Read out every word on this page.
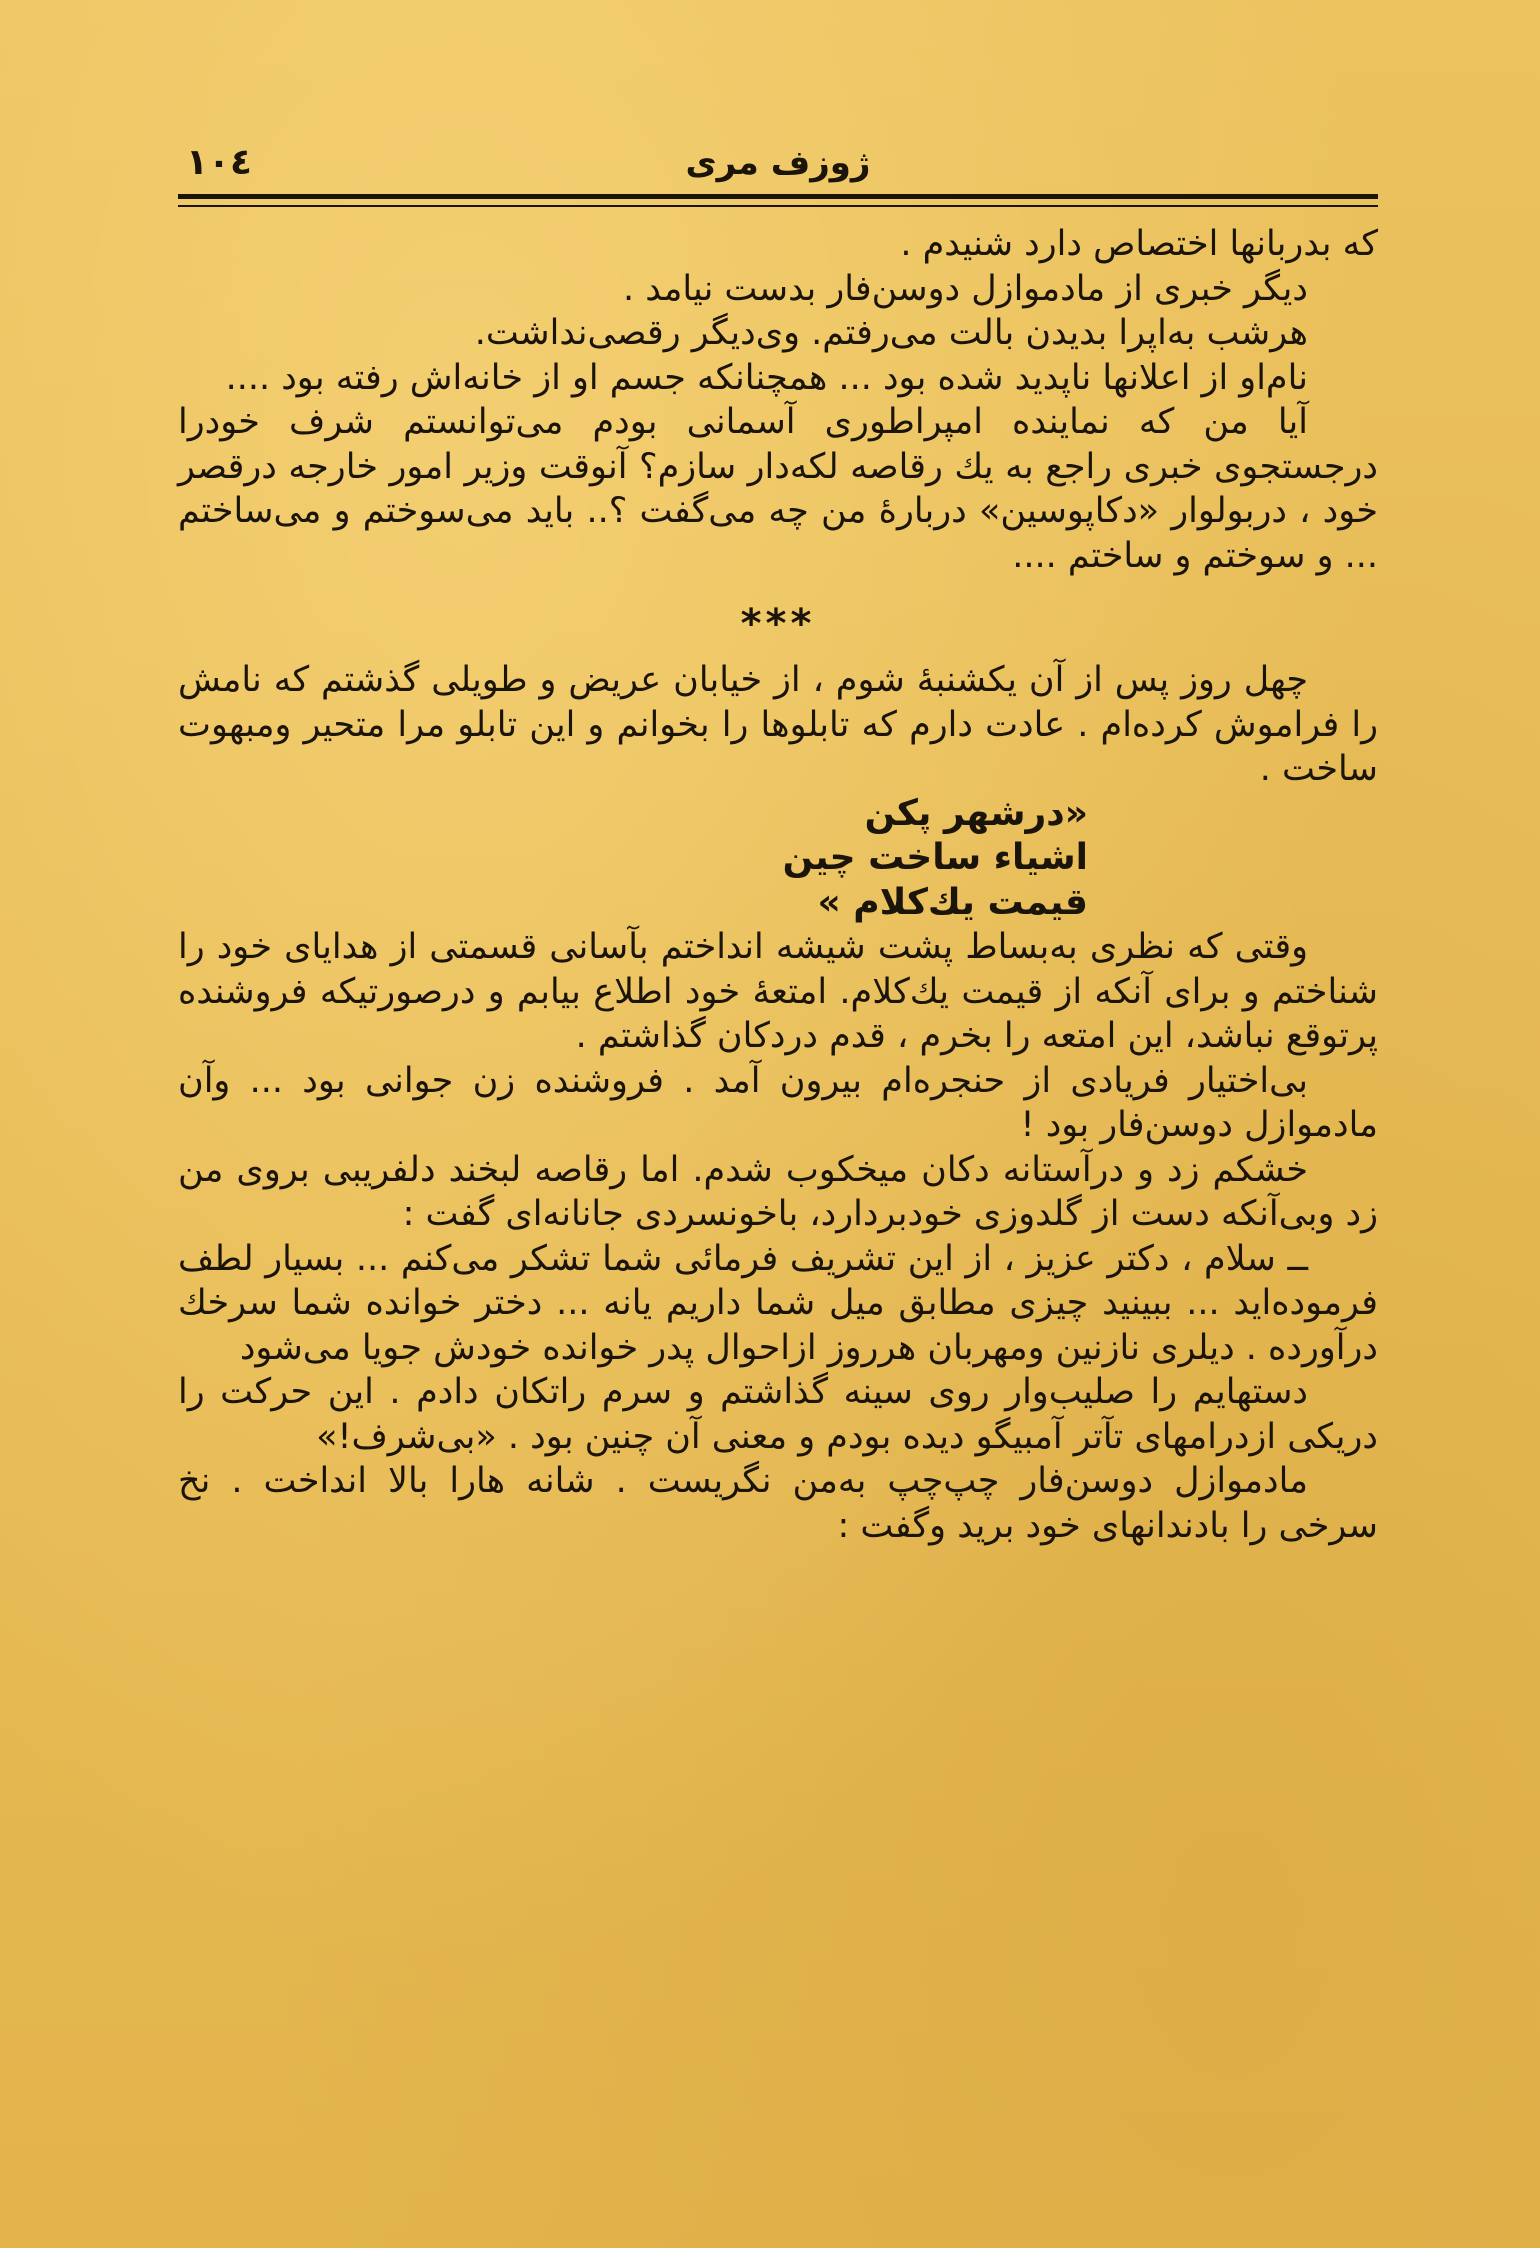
۱۰٤	ژوزف مری

که بدربانها اختصاص دارد شنیدم .

دیگر خبری از مادموازل دوسن‌فار بدست نیامد .

هرشب به‌اپرا بدیدن بالت می‌رفتم. وی‌دیگر رقصی‌نداشت.

نام‌او از اعلانها ناپدید شده بود ... همچنانکه جسم او از خانه‌اش رفته بود ....

آیا من که نماینده امپراطوری آسمانی بودم می‌توانستم شرف خودرا درجستجوی خبری راجع به یك رقاصه لکه‌دار سازم؟ آنوقت وزیر امور خارجه درقصر خود ، دربولوار «دکاپوسین» دربارهٔ من چه می‌گفت ؟.. باید می‌سوختم و می‌ساختم ... و سوختم و ساختم ....

***

چهل روز پس از آن یکشنبهٔ شوم ، از خیابان عریض و طویلی گذشتم که نامش را فراموش کرده‌ام . عادت دارم که تابلوها را بخوانم و این تابلو مرا متحیر ومبهوت ساخت .

«درشهر پکن
اشیاء ساخت چین
قیمت یك‌کلام »

وقتی که نظری به‌بساط پشت شیشه انداختم بآسانی قسمتی از هدایای خود را شناختم و برای آنکه از قیمت یك‌کلام. امتعهٔ خود اطلاع بیابم و درصورتیکه فروشنده پرتوقع نباشد، این امتعه را بخرم ، قدم دردکان گذاشتم .

بی‌اختیار فریادی از حنجره‌ام بیرون آمد . فروشنده زن جوانی بود ... وآن مادموازل دوسن‌فار بود !

خشکم زد و درآستانه دکان میخکوب شدم. اما رقاصه لبخند دلفریبی بروی من زد وبی‌آنکه دست از گلدوزی خودبردارد، باخونسردی جانانه‌ای گفت :

ــ سلام ، دکتر عزیز ، از این تشریف فرمائی شما تشکر می‌کنم ... بسیار لطف فرموده‌اید ... ببینید چیزی مطابق میل شما داریم یانه ... دختر خوانده شما سرخك درآورده . دیلری نازنین ومهربان هرروز ازاحوال پدر خوانده خودش جویا می‌شود

دستهایم را صلیب‌وار روی سینه گذاشتم و سرم راتکان دادم . این حرکت را دریکی ازدرامهای تآتر آمبیگو دیده بودم و معنی آن چنین بود . «بی‌شرف!»

مادموازل دوسن‌فار چپ‌چپ به‌من نگریست . شانه هارا بالا انداخت . نخ سرخی را بادندانهای خود برید وگفت :
